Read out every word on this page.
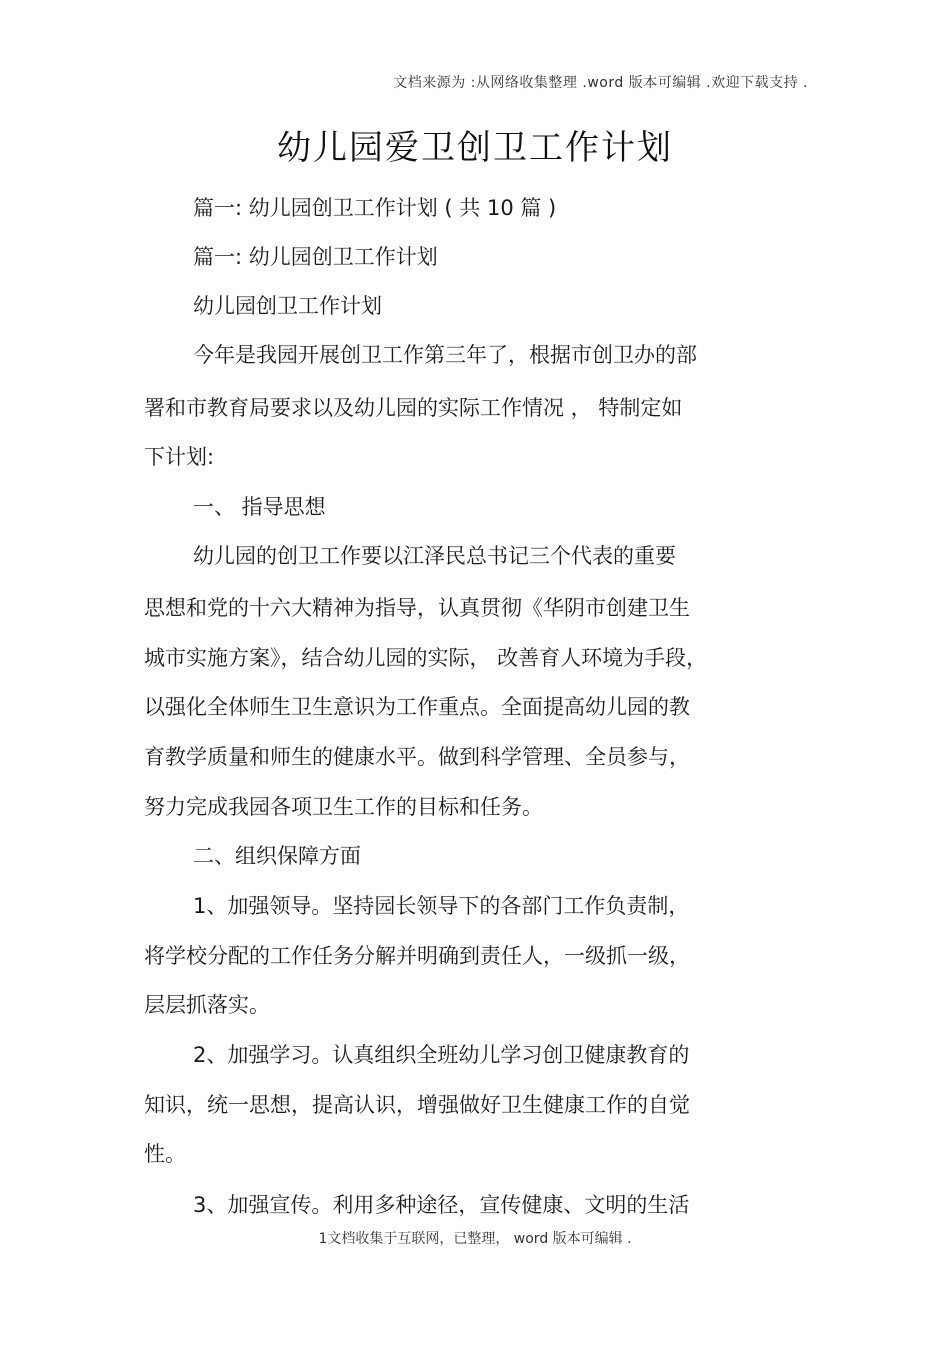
文档来源为 :从网络收集整理 .word 版本可编辑 .欢迎下载支持 .
幼儿园爱卫创卫工作计划
篇一: 幼儿园创卫工作计划 ( 共 10 篇 )
篇一: 幼儿园创卫工作计划
幼儿园创卫工作计划
今年是我园开展创卫工作第三年了，根据市创卫办的部
署和市教育局要求以及幼儿园的实际工作情况 ， 特制定如
下计划:
一、 指导思想
幼儿园的创卫工作要以江泽民总书记三个代表的重要
思想和党的十六大精神为指导，认真贯彻《华阴市创建卫生
城市实施方案》，结合幼儿园的实际， 改善育人环境为手段，
以强化全体师生卫生意识为工作重点。全面提高幼儿园的教
育教学质量和师生的健康水平。做到科学管理、全员参与，
努力完成我园各项卫生工作的目标和任务。
二、组织保障方面
1、加强领导。坚持园长领导下的各部门工作负责制，
将学校分配的工作任务分解并明确到责任人，一级抓一级，
层层抓落实。
2、加强学习。认真组织全班幼儿学习创卫健康教育的
知识，统一思想，提高认识，增强做好卫生健康工作的自觉
性。
3、加强宣传。利用多种途径，宣传健康、文明的生活
1文档收集于互联网，已整理， word 版本可编辑 .
